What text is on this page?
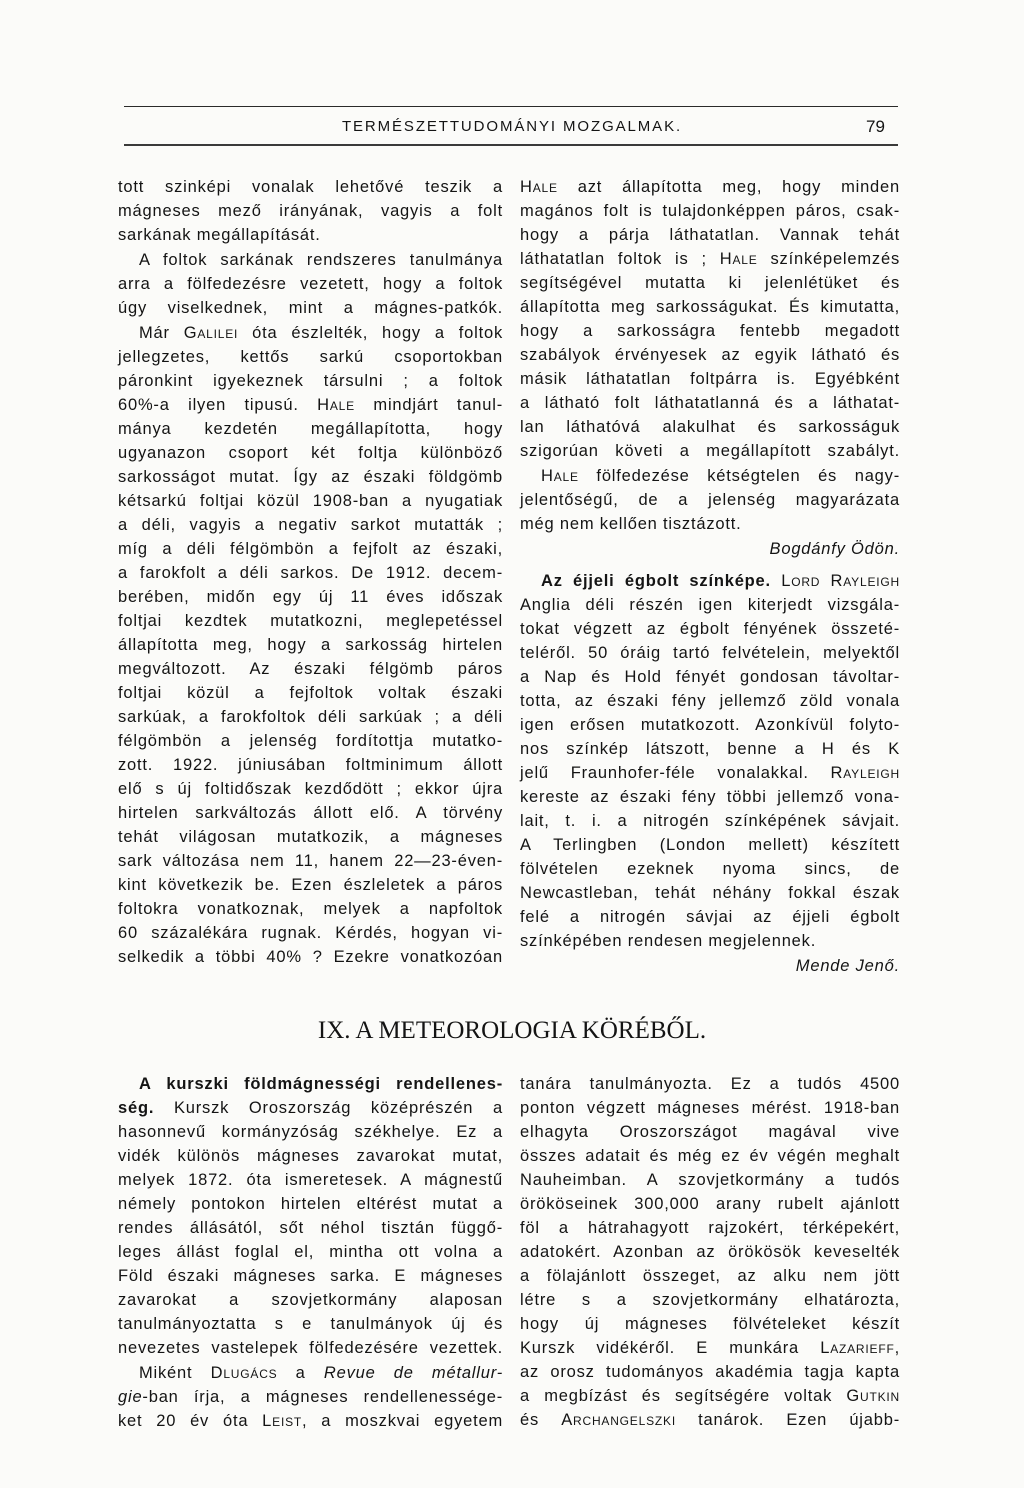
TERMÉSZETTUDOMÁNYI MOZGALMAK.	79
tott szinképi vonalak lehetővé teszik a
mágneses mező irányának, vagyis a folt
sarkának megállapítását.
A foltok sarkának rendszeres tanulmánya
arra a fölfedezésre vezetett, hogy a foltok
úgy viselkednek, mint a mágnes-patkók.
Már Galilei óta észlelték, hogy a foltok
jellegzetes, kettős sarkú csoportokban
páronkint igyekeznek társulni ; a foltok
60%-a ilyen tipusú. Hale mindjárt tanul-
mánya kezdetén megállapította, hogy
ugyanazon csoport két foltja különböző
sarkosságot mutat. Így az északi földgömb
kétsarkú foltjai közül 1908-ban a nyugatiak
a déli, vagyis a negativ sarkot mutatták ;
míg a déli félgömbön a fejfolt az északi,
a farokfolt a déli sarkos. De 1912. decem-
berében, midőn egy új 11 éves időszak
foltjai kezdtek mutatkozni, meglepetéssel
állapította meg, hogy a sarkosság hirtelen
megváltozott. Az északi félgömb páros
foltjai közül a fejfoltok voltak északi
sarkúak, a farokfoltok déli sarkúak ; a déli
félgömbön a jelenség fordítottja mutatko-
zott. 1922. júniusában foltminimum állott
elő s új foltidőszak kezdődött ; ekkor újra
hirtelen sarkváltozás állott elő. A törvény
tehát világosan mutatkozik, a mágneses
sark változása nem 11, hanem 22—23-éven-
kint következik be. Ezen észleletek a páros
foltokra vonatkoznak, melyek a napfoltok
60 százalékára rugnak. Kérdés, hogyan vi-
selkedik a többi 40% ? Ezekre vonatkozóan
Hale azt állapította meg, hogy minden
magános folt is tulajdonképpen páros, csak-
hogy a párja láthatatlan. Vannak tehát
láthatatlan foltok is ; Hale színképelemzés
segítségével mutatta ki jelenlétüket és
állapította meg sarkosságukat. És kimutatta,
hogy a sarkosságra fentebb megadott
szabályok érvényesek az egyik látható és
másik láthatatlan foltpárra is. Egyébként
a látható folt láthatatlanná és a láthatat-
lan láthatóvá alakulhat és sarkosságuk
szigorúan követi a megállapított szabályt.
Hale fölfedezése kétségtelen és nagy-
jelentőségű, de a jelenség magyarázata
még nem kellően tisztázott.
Bogdánfy Ödön.
Az éjjeli égbolt színképe. Lord Rayleigh
Anglia déli részén igen kiterjedt vizsgála-
tokat végzett az égbolt fényének összeté-
teléről. 50 óráig tartó felvételein, melyektől
a Nap és Hold fényét gondosan távoltar-
totta, az északi fény jellemző zöld vonala
igen erősen mutatkozott. Azonkívül folyto-
nos színkép látszott, benne a H és K
jelű Fraunhofer-féle vonalakkal. Rayleigh
kereste az északi fény többi jellemző vona-
lait, t. i. a nitrogén színképének sávjait.
A Terlingben (London mellett) készített
fölvételen ezeknek nyoma sincs, de
Newcastleban, tehát néhány fokkal észak
felé a nitrogén sávjai az éjjeli égbolt
színképében rendesen megjelennek.
Mende Jenő.
IX. A METEOROLOGIA KÖRÉBŐL.
A kurszki földmágnességi rendellenes-
ség. Kurszk Oroszország középrészén a
hasonnevű kormányzóság székhelye. Ez a
vidék különös mágneses zavarokat mutat,
melyek 1872. óta ismeretesek. A mágnestű
némely pontokon hirtelen eltérést mutat a
rendes állásától, sőt néhol tisztán függő-
leges állást foglal el, mintha ott volna a
Föld északi mágneses sarka. E mágneses
zavarokat a szovjetkormány alaposan
tanulmányoztatta s e tanulmányok új és
nevezetes vastelepek fölfedezésére vezettek.
Miként Dlugács a Revue de métallur-
gie-ban írja, a mágneses rendellenessége-
ket 20 év óta Leist, a moszkvai egyetem
tanára tanulmányozta. Ez a tudós 4500
ponton végzett mágneses mérést. 1918-ban
elhagyta Oroszországot magával vive
összes adatait és még ez év végén meghalt
Nauheimban. A szovjetkormány a tudós
örököseinek 300,000 arany rubelt ajánlott
föl a hátrahagyott rajzokért, térképekért,
adatokért. Azonban az örökösök keveselték
a fölajánlott összeget, az alku nem jött
létre s a szovjetkormány elhatározta,
hogy új mágneses fölvételeket készít
Kurszk vidékéről. E munkára Lazarieff,
az orosz tudományos akadémia tagja kapta
a megbízást és segítségére voltak Gutkin
és Archangelszki tanárok. Ezen újabb-
